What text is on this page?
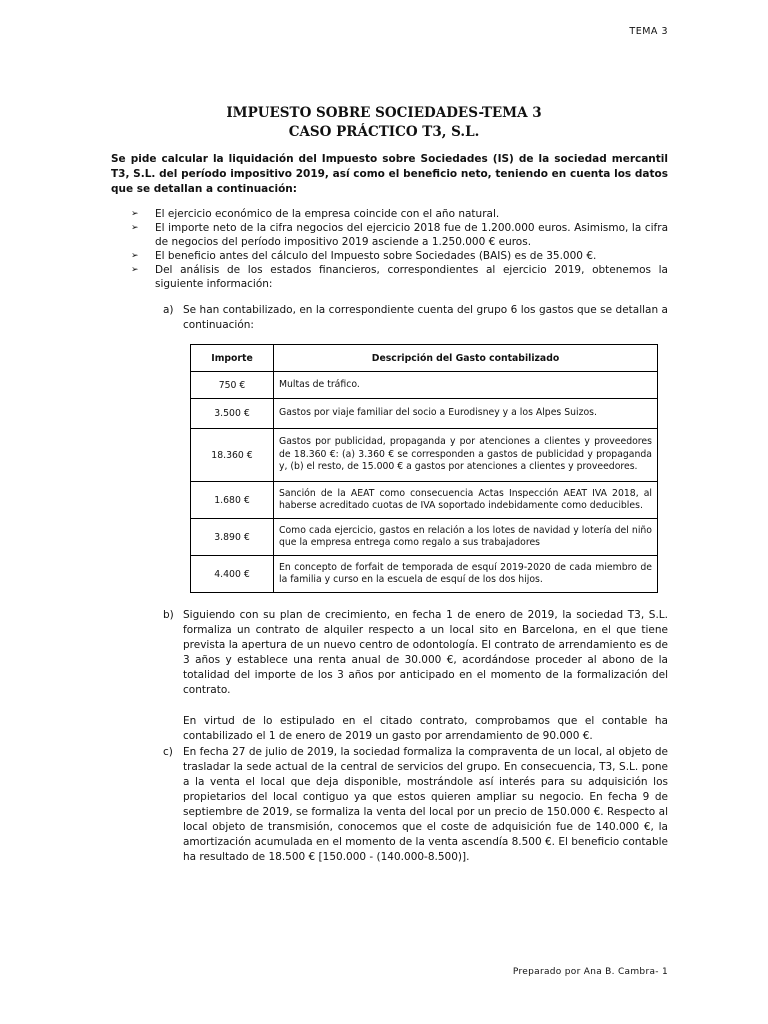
TEMA 3
IMPUESTO SOBRE SOCIEDADES-TEMA 3
CASO PRÁCTICO T3, S.L.
Se pide calcular la liquidación del Impuesto sobre Sociedades (IS) de la sociedad mercantil T3, S.L. del período impositivo 2019, así como el beneficio neto, teniendo en cuenta los datos que se detallan a continuación:
➢ El ejercicio económico de la empresa coincide con el año natural.
➢ El importe neto de la cifra negocios del ejercicio 2018 fue de 1.200.000 euros. Asimismo, la cifra de negocios del período impositivo 2019 asciende a 1.250.000 € euros.
➢ El beneficio antes del cálculo del Impuesto sobre Sociedades (BAIS) es de 35.000 €.
➢ Del análisis de los estados financieros, correspondientes al ejercicio 2019, obtenemos la siguiente información:
a) Se han contabilizado, en la correspondiente cuenta del grupo 6 los gastos que se detallan a continuación:

Importe	Descripción del Gasto contabilizado
750 €	Multas de tráfico.
3.500 €	Gastos por viaje familiar del socio a Eurodisney y a los Alpes Suizos.
18.360 €	Gastos por publicidad, propaganda y por atenciones a clientes y proveedores de 18.360 €: (a) 3.360 € se corresponden a gastos de publicidad y propaganda y, (b) el resto, de 15.000 € a gastos por atenciones a clientes y proveedores.
1.680 €	Sanción de la AEAT como consecuencia Actas Inspección AEAT IVA 2018, al haberse acreditado cuotas de IVA soportado indebidamente como deducibles.
3.890 €	Como cada ejercicio, gastos en relación a los lotes de navidad y lotería del niño que la empresa entrega como regalo a sus trabajadores
4.400 €	En concepto de forfait de temporada de esquí 2019-2020 de cada miembro de la familia y curso en la escuela de esquí de los dos hijos.
b) Siguiendo con su plan de crecimiento, en fecha 1 de enero de 2019, la sociedad T3, S.L. formaliza un contrato de alquiler respecto a un local sito en Barcelona, en el que tiene prevista la apertura de un nuevo centro de odontología. El contrato de arrendamiento es de 3 años y establece una renta anual de 30.000 €, acordándose proceder al abono de la totalidad del importe de los 3 años por anticipado en el momento de la formalización del contrato.

En virtud de lo estipulado en el citado contrato, comprobamos que el contable ha contabilizado el 1 de enero de 2019 un gasto por arrendamiento de 90.000 €.

c) En fecha 27 de julio de 2019, la sociedad formaliza la compraventa de un local, al objeto de trasladar la sede actual de la central de servicios del grupo. En consecuencia, T3, S.L. pone a la venta el local que deja disponible, mostrándole así interés para su adquisición los propietarios del local contiguo ya que estos quieren ampliar su negocio. En fecha 9 de septiembre de 2019, se formaliza la venta del local por un precio de 150.000 €. Respecto al local objeto de transmisión, conocemos que el coste de adquisición fue de 140.000 €, la amortización acumulada en el momento de la venta ascendía 8.500 €. El beneficio contable ha resultado de 18.500 € [150.000 - (140.000-8.500)].

Preparado por Ana B. Cambra- 1
